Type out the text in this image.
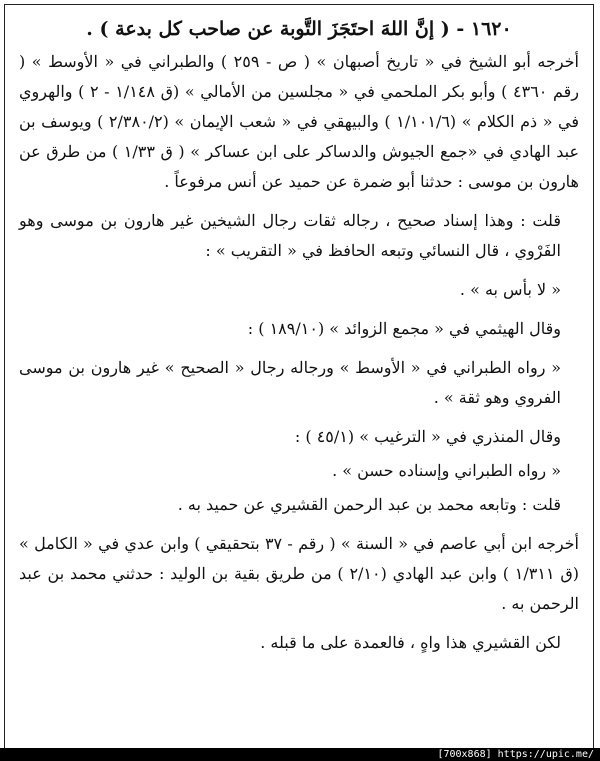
١٦٢٠ - ( إنَّ اللهَ احتَجَزَ التَّوبة عن صاحب كل بدعة ) .

أخرجه أبو الشيخ في « تاريخ أصبهان » ( ص - ٢٥٩ ) والطبراني في « الأوسط » ( رقم ٤٣٦٠ ) وأبو بكر الملحمي في « مجلسين من الأمالي » (ق ١/١٤٨ - ٢ ) والهروي في « ذم الكلام » (١/١٠١/٦ ) والبيهقي في « شعب الإيمان » (٢/٣٨٠/٢ ) ويوسف بن عبد الهادي في «جمع الجيوش والدساكر على ابن عساكر » ( ق ١/٣٣ ) من طرق عن هارون بن موسى : حدثنا أبو ضمرة عن حميد عن أنس مرفوعاً .

قلت : وهذا إسناد صحيح ، رجاله ثقات رجال الشيخين غير هارون بن موسى وهو الفَرْوي ، قال النسائي وتبعه الحافظ في « التقريب » :

« لا بأس به » .

وقال الهيثمي في « مجمع الزوائد » (١٨٩/١٠ ) :

« رواه الطبراني في « الأوسط » ورجاله رجال « الصحيح » غير هارون بن موسى الفروي وهو ثقة » .

وقال المنذري في « الترغيب » (٤٥/١ ) :

« رواه الطبراني وإسناده حسن » .

قلت : وتابعه محمد بن عبد الرحمن القشيري عن حميد به .

أخرجه ابن أبي عاصم في « السنة » ( رقم - ٣٧ بتحقيقي ) وابن عدي في « الكامل » (ق ١/٣١١ ) وابن عبد الهادي (٢/١٠ ) من طريق بقية بن الوليد : حدثني محمد بن عبد الرحمن به .

لكن القشيري هذا واهٍ ، فالعمدة على ما قبله .

[700x868] https://upic.me/
